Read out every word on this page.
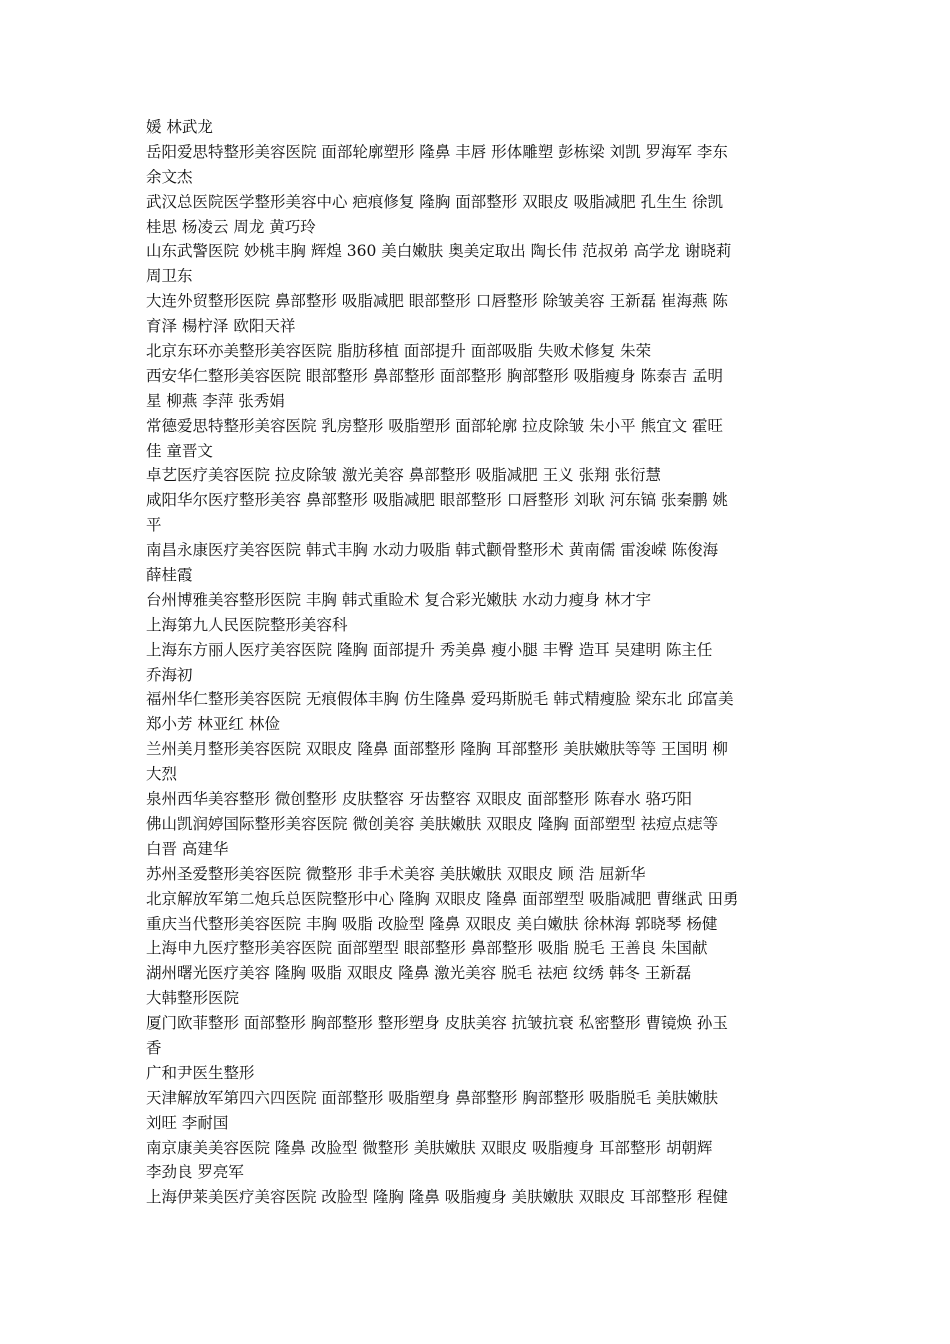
媛 林武龙
岳阳爱思特整形美容医院 面部轮廓塑形 隆鼻 丰唇 形体雕塑 彭栋梁 刘凯 罗海军 李东
余文杰
武汉总医院医学整形美容中心 疤痕修复 隆胸 面部整形 双眼皮 吸脂减肥 孔生生 徐凯
桂思 杨凌云 周龙 黄巧玲
山东武警医院 妙桃丰胸 辉煌 360 美白嫩肤 奥美定取出 陶长伟 范叔弟 高学龙 谢晓莉
周卫东
大连外贸整形医院 鼻部整形 吸脂减肥 眼部整形 口唇整形 除皱美容 王新磊 崔海燕 陈
育泽 楊柠泽 欧阳天祥
北京东环亦美整形美容医院 脂肪移植 面部提升 面部吸脂 失败术修复 朱荣
西安华仁整形美容医院 眼部整形 鼻部整形 面部整形 胸部整形 吸脂瘦身 陈泰吉 孟明
星 柳燕 李萍 张秀娟
常德爱思特整形美容医院 乳房整形 吸脂塑形 面部轮廓 拉皮除皱 朱小平 熊宜文 霍旺
佳 童晋文
卓艺医疗美容医院 拉皮除皱 激光美容 鼻部整形 吸脂减肥 王义 张翔 张衍慧
咸阳华尔医疗整形美容 鼻部整形 吸脂减肥 眼部整形 口唇整形 刘耿 河东镐 张秦鹏 姚
平
南昌永康医疗美容医院 韩式丰胸 水动力吸脂 韩式颧骨整形术 黄南儒 雷浚嵘 陈俊海
薛桂霞
台州博雅美容整形医院 丰胸 韩式重睑术 复合彩光嫩肤 水动力瘦身 林才宇
上海第九人民医院整形美容科
上海东方丽人医疗美容医院 隆胸 面部提升 秀美鼻 瘦小腿 丰臀 造耳 吴建明 陈主任
乔海初
福州华仁整形美容医院 无痕假体丰胸 仿生隆鼻 爱玛斯脱毛 韩式精瘦脸 梁东北 邱富美
郑小芳 林亚红 林俭
兰州美月整形美容医院 双眼皮 隆鼻 面部整形 隆胸 耳部整形 美肤嫩肤等等 王国明 柳
大烈
泉州西华美容整形 微创整形 皮肤整容 牙齿整容 双眼皮 面部整形 陈春水 骆巧阳
佛山凯润婷国际整形美容医院 微创美容 美肤嫩肤 双眼皮 隆胸 面部塑型 祛痘点痣等
白晋 高建华
苏州圣爱整形美容医院 微整形 非手术美容 美肤嫩肤 双眼皮 顾 浩 屈新华
北京解放军第二炮兵总医院整形中心 隆胸 双眼皮 隆鼻 面部塑型 吸脂减肥 曹继武 田勇
重庆当代整形美容医院 丰胸 吸脂 改脸型 隆鼻 双眼皮 美白嫩肤 徐林海 郭晓琴 杨健
上海申九医疗整形美容医院 面部塑型 眼部整形 鼻部整形 吸脂 脱毛 王善良 朱国献
湖州曙光医疗美容 隆胸 吸脂 双眼皮 隆鼻 激光美容 脱毛 祛疤 纹绣 韩冬 王新磊
大韩整形医院
厦门欧菲整形 面部整形 胸部整形 整形塑身 皮肤美容 抗皱抗衰 私密整形 曹镜焕 孙玉
香
广和尹医生整形
天津解放军第四六四医院 面部整形 吸脂塑身 鼻部整形 胸部整形 吸脂脱毛 美肤嫩肤
刘旺 李耐国
南京康美美容医院 隆鼻 改脸型 微整形 美肤嫩肤 双眼皮 吸脂瘦身 耳部整形 胡朝辉
李劲良 罗亮军
上海伊莱美医疗美容医院 改脸型 隆胸 隆鼻 吸脂瘦身 美肤嫩肤 双眼皮 耳部整形 程健
